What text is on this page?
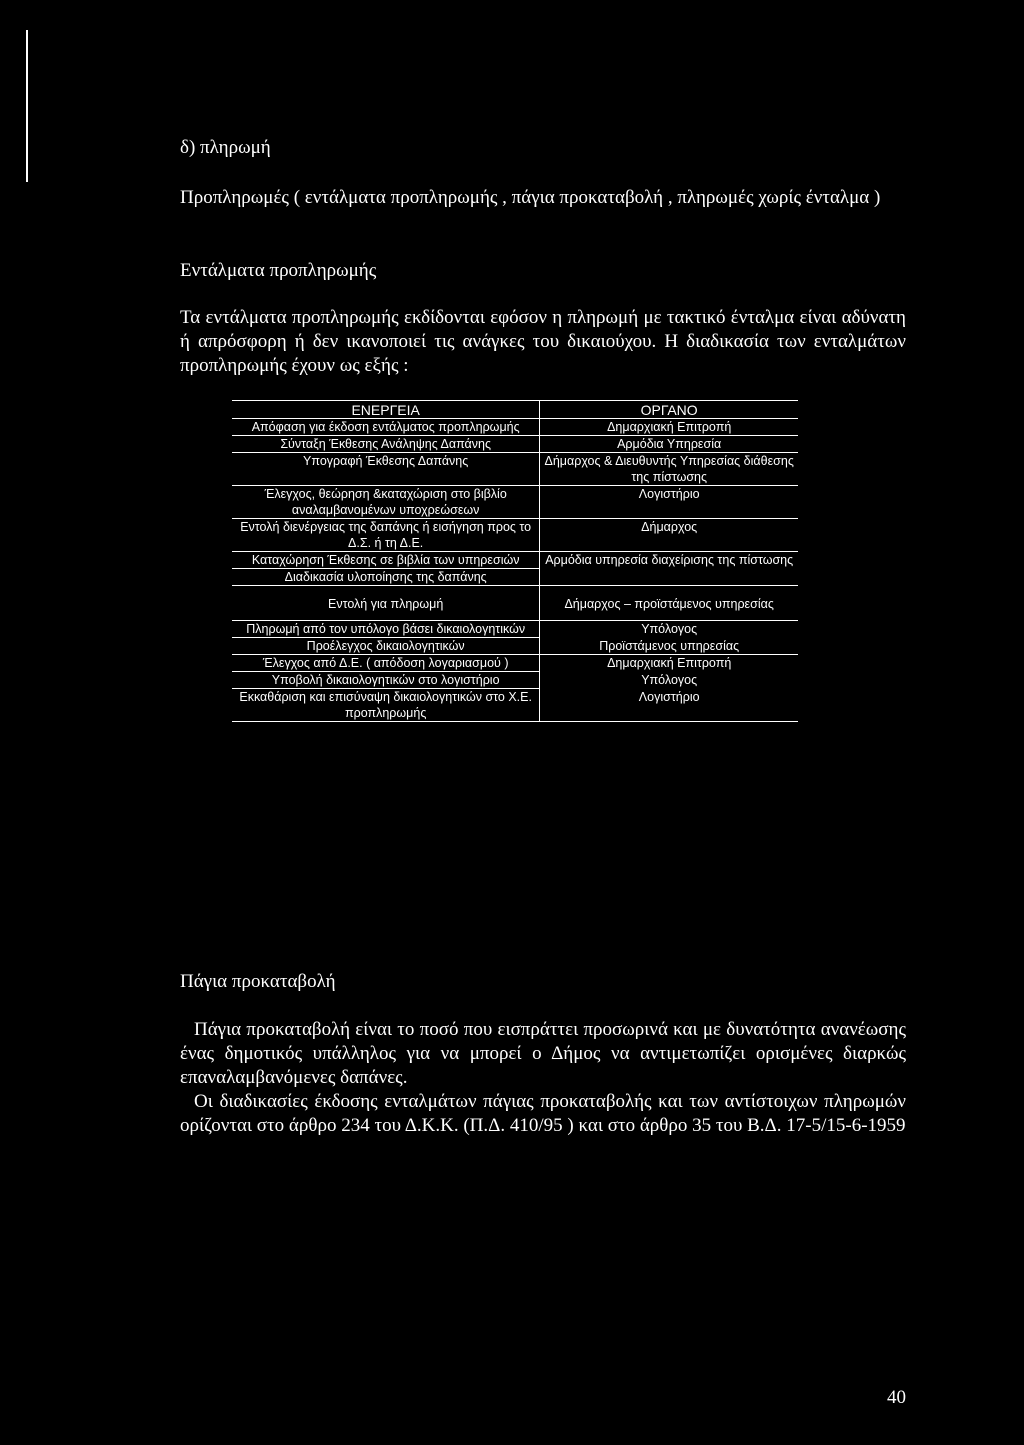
δ) πληρωμή

Προπληρωμές ( εντάλματα προπληρωμής , πάγια προκαταβολή , πληρωμές χωρίς ένταλμα )

Εντάλματα προπληρωμής

Τα εντάλματα προπληρωμής εκδίδονται εφόσον η πληρωμή με τακτικό ένταλμα είναι αδύνατη ή απρόσφορη ή δεν ικανοποιεί τις ανάγκες του δικαιούχου. Η διαδικασία των ενταλμάτων προπληρωμής έχουν ως εξής :

ΕΝΕΡΓΕΙΑ	ΟΡΓΑΝΟ
Απόφαση για έκδοση εντάλματος προπληρωμής	Δημαρχιακή Επιτροπή
Σύνταξη Έκθεσης Ανάληψης Δαπάνης	Αρμόδια Υπηρεσία
Υπογραφή Έκθεσης Δαπάνης	Δήμαρχος & Διευθυντής Υπηρεσίας διάθεσης της πίστωσης
Έλεγχος, θεώρηση &καταχώριση στο βιβλίο αναλαμβανομένων υποχρεώσεων	Λογιστήριο
Εντολή διενέργειας της δαπάνης ή εισήγηση προς το Δ.Σ. ή τη Δ.Ε.	Δήμαρχος
Καταχώρηση Έκθεσης σε βιβλία των υπηρεσιών	Αρμόδια υπηρεσία διαχείρισης της πίστωσης
Διαδικασία υλοποίησης της δαπάνης	
Εντολή για πληρωμή	Δήμαρχος – προϊστάμενος υπηρεσίας
Πληρωμή από τον υπόλογο βάσει δικαιολογητικών	Υπόλογος
Προέλεγχος δικαιολογητικών	Προϊστάμενος υπηρεσίας
Έλεγχος από Δ.Ε. ( απόδοση λογαριασμού )	Δημαρχιακή Επιτροπή
Υποβολή δικαιολογητικών στο λογιστήριο	Υπόλογος
Εκκαθάριση και επισύναψη δικαιολογητικών στο Χ.Ε. προπληρωμής	Λογιστήριο
Πάγια προκαταβολή

Πάγια προκαταβολή είναι το ποσό που εισπράττει προσωρινά και με δυνατότητα ανανέωσης ένας δημοτικός υπάλληλος για να μπορεί ο Δήμος να αντιμετωπίζει ορισμένες διαρκώς επαναλαμβανόμενες δαπάνες.

Οι διαδικασίες έκδοσης ενταλμάτων πάγιας προκαταβολής και των αντίστοιχων πληρωμών ορίζονται στο άρθρο 234 του Δ.Κ.Κ. (Π.Δ. 410/95 ) και στο άρθρο 35 του Β.Δ. 17-5/15-6-1959

40
